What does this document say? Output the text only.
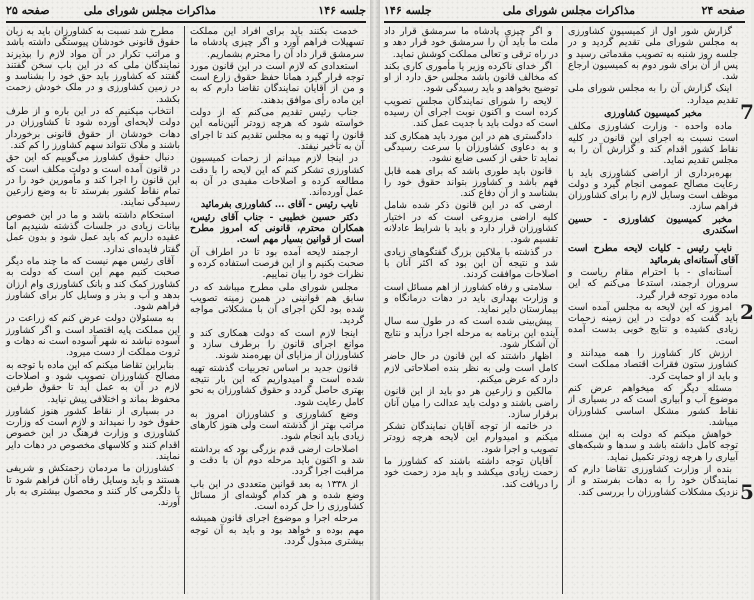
جلسه ۱۴۶
مذاکرات مجلس شورای ملی
صفحه ۲۵

مطرح شد نسبت به کشاورزان باید به زبان حقوق قانونی خودشان پیوستگی داشته باشد و مراتب تکرار در آن مواد لازم را بپذیرند نمایندگان ملی که در این باب سخن گفتند گفتند که کشاورز باید حق خود را بشناسد و در زمین کشاورزی و در ملک خودش زحمت بکشد.

انتخاب میکنیم که در این باره و از طرف دولت لایحه‌ای آورده شود تا کشاورزان در دهات خودشان از حقوق قانونی برخوردار باشند و ملاک نتواند سهم کشاورز را کم کند.

دنبال حقوق کشاورز می‌گوییم که این حق در قانون آمده است و دولت مکلف است که این قانون را اجرا کند و مأمورین خود را در تمام نقاط کشور بفرستد تا به وضع زارعین رسیدگی نمایند.

استحکام داشته باشد و ما در این خصوص بیانات زیادی در جلسات گذشته شنیدیم اما عقیده داریم که باید عمل شود و بدون عمل گفتار فایده‌ای ندارد.

آقای رئیس مهم نیست که ما چند ماه دیگر صحبت کنیم مهم این است که دولت به کشاورز کمک کند و بانک کشاورزی وام ارزان بدهد و آب و بذر و وسایل کار برای کشاورز فراهم شود.

به مسئولان دولت عرض کنم که زراعت در این مملکت پایه اقتصاد است و اگر کشاورز آسوده نباشد نه شهر آسوده است نه دهات و ثروت مملکت از دست میرود.

بنابراین تقاضا میکنم که این ماده با توجه به مصالح کشاورزان تصویب شود و اصلاحات لازم در آن به عمل آید تا حقوق طرفین محفوظ بماند و اختلافی پیش نیاید.

در بسیاری از نقاط کشور هنوز کشاورز حقوق خود را نمیداند و لازم است که وزارت کشاورزی و وزارت فرهنگ در این خصوص اقدام کنند و کلاسهای مخصوص در دهات دایر نمایند.

کشاورزان ما مردمان زحمتکش و شریفی هستند و باید وسایل رفاه آنان فراهم شود تا با دلگرمی کار کنند و محصول بیشتری به بار آورند.

خدمت بکنند باید برای افراد این مملکت تسهیلات فراهم آورد و اگر چیزی پادشاه ما سرمشق قرار داد آن را محترم بشماریم.

استعدادی که لازم است در این قانون مورد توجه قرار گیرد همانا حفظ حقوق زارع است و من از آقایان نمایندگان تقاضا دارم که به این ماده رأی موافق بدهند.

جناب رئیس تقدیم می‌کنم که از دولت خواسته شود که هرچه زودتر آئین‌نامه این قانون را تهیه و به مجلس تقدیم کند تا اجرای آن به تأخیر نیفتد.

در اینجا لازم میدانم از زحمات کمیسیون کشاورزی تشکر کنم که این لایحه را با دقت مطالعه کرده و اصلاحات مفیدی در آن به عمل آورده‌اند.

نایب رئیس - آقای ... کشاورزی بفرمائید

دکتر حسین خطیبی - جناب آقای رئیس، همکاران محترم، قانونی که امروز مطرح است از قوانین بسیار مهم است.

ارجمند لایحه آمده بود تا در اطراف آن صحبت بکنیم و از این فرصت استفاده کرده و نظرات خود را بیان نماییم.

مجلس شورای ملی مطرح میباشد که در سابق هم قوانینی در همین زمینه تصویب شده بود لکن اجرای آن با مشکلاتی مواجه گردید.

اینجا لازم است که دولت همکاری کند و موانع اجرای قانون را برطرف سازد و کشاورزان از مزایای آن بهره‌مند شوند.

قانون جدید بر اساس تجربیات گذشته تهیه شده است و امیدواریم که این بار نتیجه بهتری حاصل گردد و حقوق کشاورزان به نحو کامل رعایت شود.

وضع کشاورزی و کشاورزان امروز به مراتب بهتر از گذشته است ولی هنوز کارهای زیادی باید انجام شود.

اصلاحات ارضی قدم بزرگی بود که برداشته شد و اکنون باید مرحله دوم آن با دقت و مراقبت اجرا گردد.

از ۱۳۳۸ به بعد قوانین متعددی در این باب وضع شده و هر کدام گوشه‌ای از مسائل کشاورزی را حل کرده است.

مرحله اجرا و موضوع اجرای قانون همیشه مهم بوده و خواهد بود و باید به آن توجه بیشتری مبذول گردد.

صفحه ۲۴
مذاکرات مجلس شورای ملی
جلسه ۱۴۶

و اگر چیزی پادشاه ما سرمشق قرار داد ملت ما باید آن را سرمشق خود قرار دهد و در راه ترقی و تعالی مملکت کوشش نماید.

اگر خدای ناکرده وزیر یا مأموری کاری بکند که مخالف قانون باشد مجلس حق دارد از او توضیح بخواهد و باید رسیدگی شود.

لایحه را شورای نمایندگان مجلس تصویب کرده است و اکنون نوبت اجرای آن رسیده است که دولت باید با جدیت عمل کند.

دادگستری هم در این مورد باید همکاری کند و به دعاوی کشاورزان با سرعت رسیدگی نماید تا حقی از کسی ضایع نشود.

قانون باید طوری باشد که برای همه قابل فهم باشد و کشاورز بتواند حقوق خود را بشناسد و از آن دفاع کند.

ارضی که در این قانون ذکر شده شامل کلیه اراضی مزروعی است که در اختیار کشاورزان قرار دارد و باید با شرایط عادلانه تقسیم شود.

در گذشته با ملاکین بزرگ گفتگوهای زیادی شد و نتیجه آن این بود که اکثر آنان با اصلاحات موافقت کردند.

سلامتی و رفاه کشاورز از اهم مسائل است و وزارت بهداری باید در دهات درمانگاه و بیمارستان دایر نماید.

پیش‌بینی شده است که در طول سه سال آینده این برنامه به مرحله اجرا درآید و نتایج آن آشکار شود.

اظهار داشتند که این قانون در حال حاضر کامل است ولی به نظر بنده اصلاحاتی لازم دارد که عرض میکنم.

مالکین و زارعین هر دو باید از این قانون راضی باشند و دولت باید عدالت را میان آنان برقرار سازد.

در خاتمه از توجه آقایان نمایندگان تشکر میکنم و امیدوارم این لایحه هرچه زودتر تصویب و اجرا شود.

آقایان توجه داشته باشند که کشاورز ما زحمت زیادی میکشد و باید مزد زحمت خود را دریافت کند.

گزارش شور اول از کمیسیون کشاورزی به مجلس شورای ملی تقدیم گردید و در جلسه روز شنبه به تصویب مقدماتی رسید و پس از آن برای شور دوم به کمیسیون ارجاع شد.

اینک گزارش آن را به مجلس شورای ملی تقدیم میدارد.

مخبر کمیسیون کشاورزی

ماده واحده - وزارت کشاورزی مکلف است نسبت به اجرای این قانون در کلیه نقاط کشور اقدام کند و گزارش آن را به مجلس تقدیم نماید.

بهره‌برداری از اراضی کشاورزی باید با رعایت مصالح عمومی انجام گیرد و دولت موظف است وسایل لازم را برای کشاورزان فراهم سازد.

مخبر کمیسیون کشاورزی - حسین اسکندری

نایب رئیس - کلیات لایحه مطرح است آقای آستانه‌ای بفرمائید

آستانه‌ای - با احترام مقام ریاست و سروران ارجمند، استدعا می‌کنم که این ماده مورد توجه قرار گیرد.

امروز که این لایحه به مجلس آمده است باید گفت که دولت در این زمینه زحمات زیادی کشیده و نتایج خوبی بدست آمده است.

ارزش کار کشاورز را همه میدانند و کشاورز ستون فقرات اقتصاد مملکت است و باید از او حمایت کرد.

مسئله دیگر که میخواهم عرض کنم موضوع آب و آبیاری است که در بسیاری از نقاط کشور مشکل اساسی کشاورزان میباشد.

خواهش میکنم که دولت به این مسئله توجه کامل داشته باشد و سدها و شبکه‌های آبیاری را هرچه زودتر تکمیل نماید.

بنده از وزارت کشاورزی تقاضا دارم که نمایندگان خود را به دهات بفرستد و از نزدیک مشکلات کشاورزان را بررسی کند.

7
2
5
